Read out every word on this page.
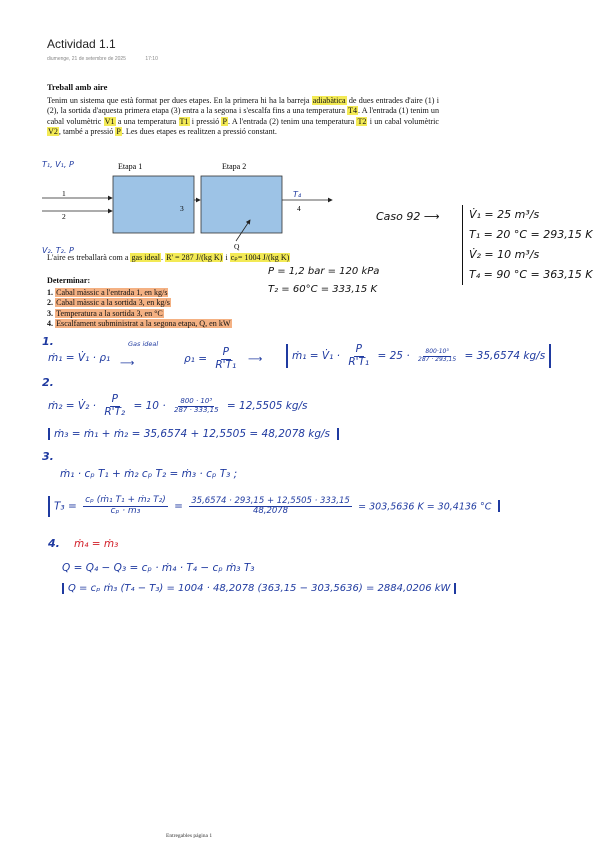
Actividad 1.1
diumenge, 21 de setembre de 2025	17:10
Treball amb aire
Tenim un sistema que està format per dues etapes. En la primera hi ha la barreja adiabàtica de dues entrades d'aire (1) i (2), la sortida d'aquesta primera etapa (3) entra a la segona i s'escalfa fins a una temperatura T4. A l'entrada (1) tenim un cabal volumètric V1 a una temperatura T1 i pressió P. A l'entrada (2) tenim una temperatura T2 i un cabal volumètric V2, també a pressió P. Les dues etapes es realitzen a pressió constant.
T₁, V₁, P
V₂, T₂, P
Etapa 1	Etapa 2
1
2
3	4
Q
T₄
L'aire es treballarà com a gas ideal. R' = 287 J/(kg K) i cₚ= 1004 J/(kg K)
Determinar:
1. Cabal màssic a l'entrada 1, en kg/s
2. Cabal màssic a la sortida 3, en kg/s
3. Temperatura a la sortida 3, en °C
4. Escalfament subministrat a la segona etapa, Q, en kW
Caso 92 ⟶	V̇₁ = 25 m³/s
T₁ = 20 °C = 293,15 K
V̇₂ = 10 m³/s
T₄ = 90 °C = 363,15 K
P = 1,2 bar = 120 kPa
T₂ = 60°C = 333,15 K
1.	Gas ideal
ṁ₁ = V̇₁ · ρ₁ ⟶	$\rho_1 = \frac{P}{\text{R'T₁}}$ ⟶	ṁ₁ = V̇₁ · $\frac{P}{\text{R'T₁}} = 25 \cdot \frac{\text{800·10³}}{287 \cdot 293,15} = 35,6574$ kg/s
2.
ṁ₂ = V̇₂ · $\frac{P}{\text{R'T₂}} = 10 \cdot \frac{\text{800 · 10³}}{287 \cdot 333,15} = 12,5505$ kg/s
ṁ₃ = ṁ₁ + ṁ₂ = 35,6574 + 12,5505 = 48,2078 kg/s
3.
ṁ₁ · cₚ T₁ + ṁ₂ cₚ T₂ = ṁ₃ · cₚ T₃ ;
$T_3 = \frac{\text{cₚ (ṁ₁ T₁ + ṁ₂ T₂)}}{\text{cₚ · ṁ₃}} = \frac{35,6574 \cdot 293,15 + 12,5505 \cdot 333,15}{48,2078} = 303,5636$ K = 30,4136 °C
4. ṁ₄ = ṁ₃
Q = Q₄ − Q₃ = cₚ · ṁ₄ · T₄ − cₚ ṁ₃ T₃
Q = cₚ ṁ₃ (T₄ − T₃) = 1004 · 48,2078 (363,15 − 303,5636) = 2884,0206 kW
Entregables página 1
